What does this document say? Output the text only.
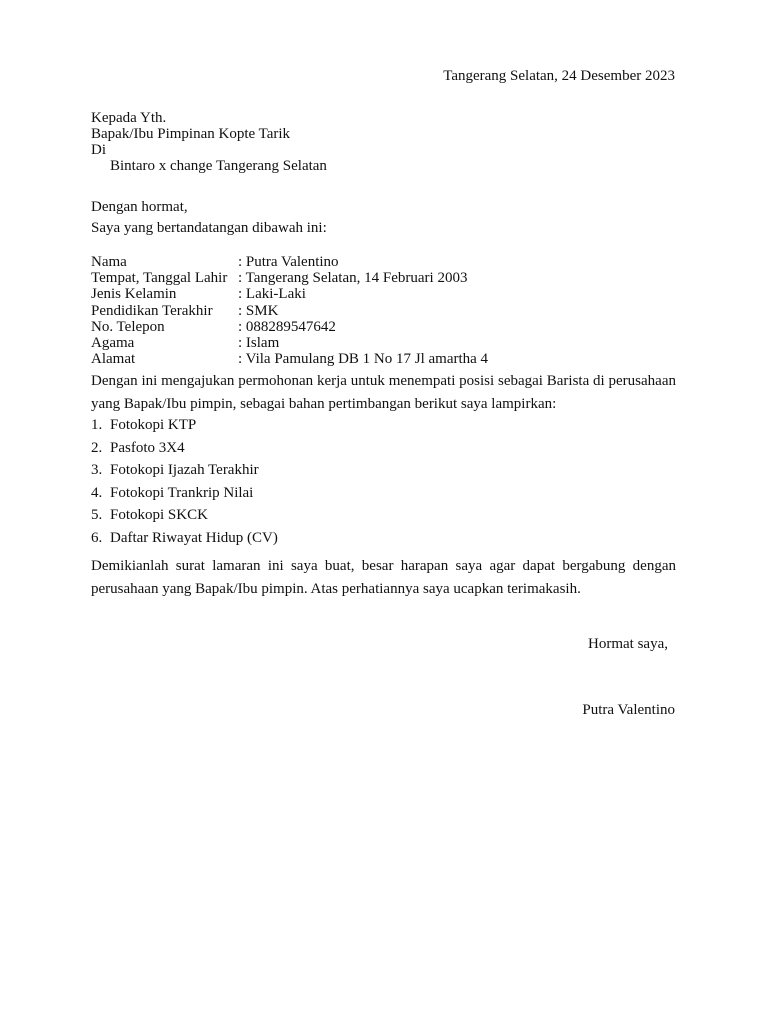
Tangerang Selatan, 24 Desember 2023
Kepada Yth.
Bapak/Ibu Pimpinan Kopte Tarik
Di
Bintaro x change Tangerang Selatan
Dengan hormat,
Saya yang bertandatangan dibawah ini:
Nama	: Putra Valentino
Tempat, Tanggal Lahir : Tangerang Selatan, 14 Februari 2003
Jenis Kelamin	: Laki-Laki
Pendidikan Terakhir	: SMK
No. Telepon	: 088289547642
Agama	: Islam
Alamat	: Vila Pamulang DB 1 No 17 Jl amartha 4
Dengan ini mengajukan permohonan kerja untuk menempati posisi sebagai Barista di perusahaan yang Bapak/Ibu pimpin, sebagai bahan pertimbangan berikut saya lampirkan:
1. Fotokopi KTP
2. Pasfoto 3X4
3. Fotokopi Ijazah Terakhir
4. Fotokopi Trankrip Nilai
5. Fotokopi SKCK
6. Daftar Riwayat Hidup (CV)
Demikianlah surat lamaran ini saya buat, besar harapan saya agar dapat bergabung dengan perusahaan yang Bapak/Ibu pimpin. Atas perhatiannya saya ucapkan terimakasih.
Hormat saya,
Putra Valentino
